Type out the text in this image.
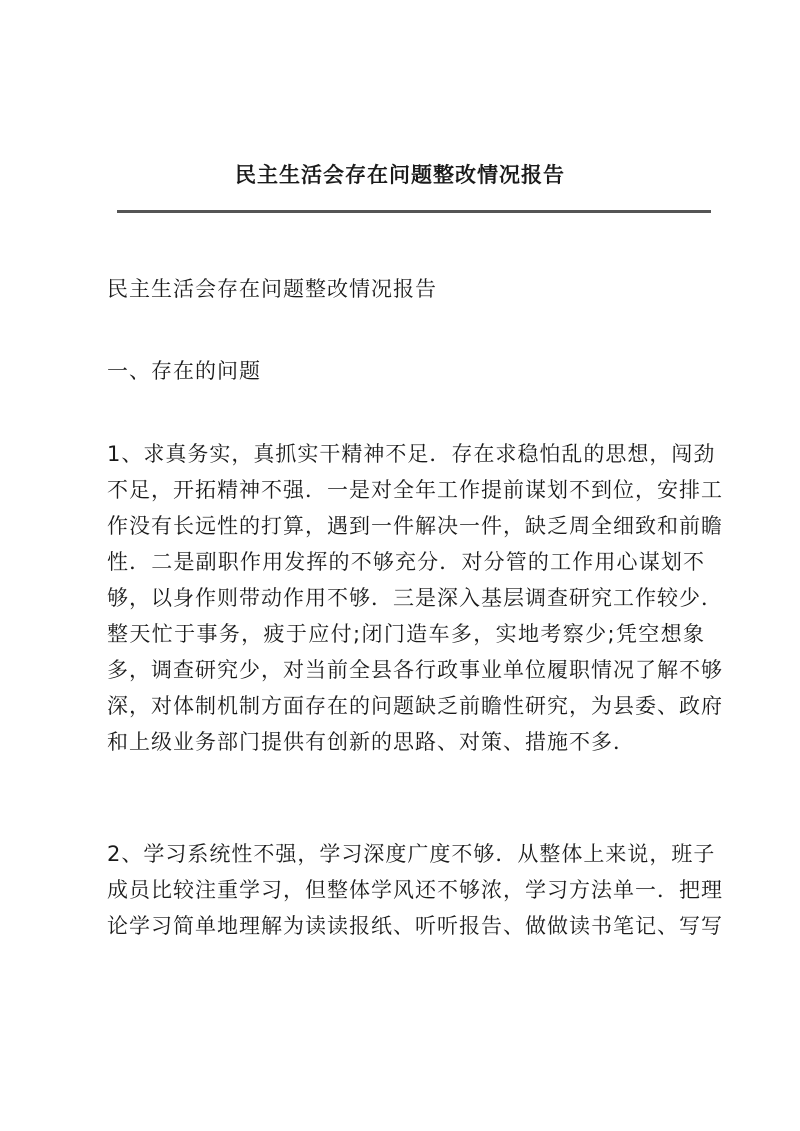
民主生活会存在问题整改情况报告
民主生活会存在问题整改情况报告
一、存在的问题
1、求真务实，真抓实干精神不足．存在求稳怕乱的思想，闯劲
不足，开拓精神不强．一是对全年工作提前谋划不到位，安排工
作没有长远性的打算，遇到一件解决一件，缺乏周全细致和前瞻
性．二是副职作用发挥的不够充分．对分管的工作用心谋划不
够，以身作则带动作用不够．三是深入基层调查研究工作较少．
整天忙于事务，疲于应付;闭门造车多，实地考察少;凭空想象
多，调查研究少，对当前全县各行政事业单位履职情况了解不够
深，对体制机制方面存在的问题缺乏前瞻性研究，为县委、政府
和上级业务部门提供有创新的思路、对策、措施不多．
2、学习系统性不强，学习深度广度不够．从整体上来说，班子
成员比较注重学习，但整体学风还不够浓，学习方法单一．把理
论学习简单地理解为读读报纸、听听报告、做做读书笔记、写写
